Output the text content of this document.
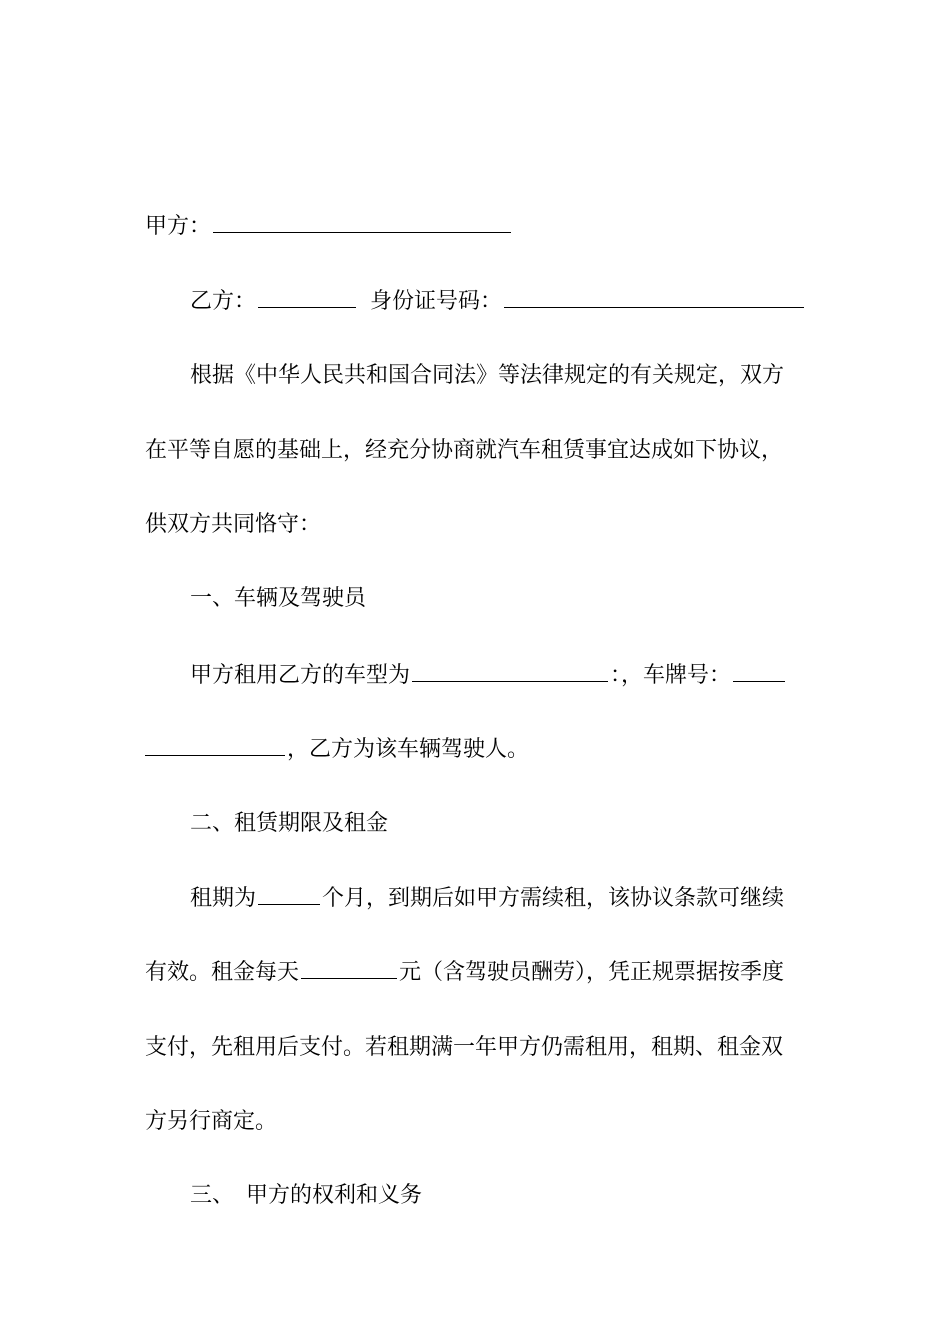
甲方：
乙方：	身份证号码：
根据《中华人民共和国合同法》等法律规定的有关规定，双方
在平等自愿的基础上，经充分协商就汽车租赁事宜达成如下协议，
供双方共同恪守：
一、车辆及驾驶员
甲方租用乙方的车型为	：，车牌号：
，乙方为该车辆驾驶人。
二、租赁期限及租金
租期为	个月，到期后如甲方需续租，该协议条款可继续
有效。租金每天	元（含驾驶员酬劳），凭正规票据按季度
支付，先租用后支付。若租期满一年甲方仍需租用，租期、租金双
方另行商定。
三、 甲方的权利和义务
